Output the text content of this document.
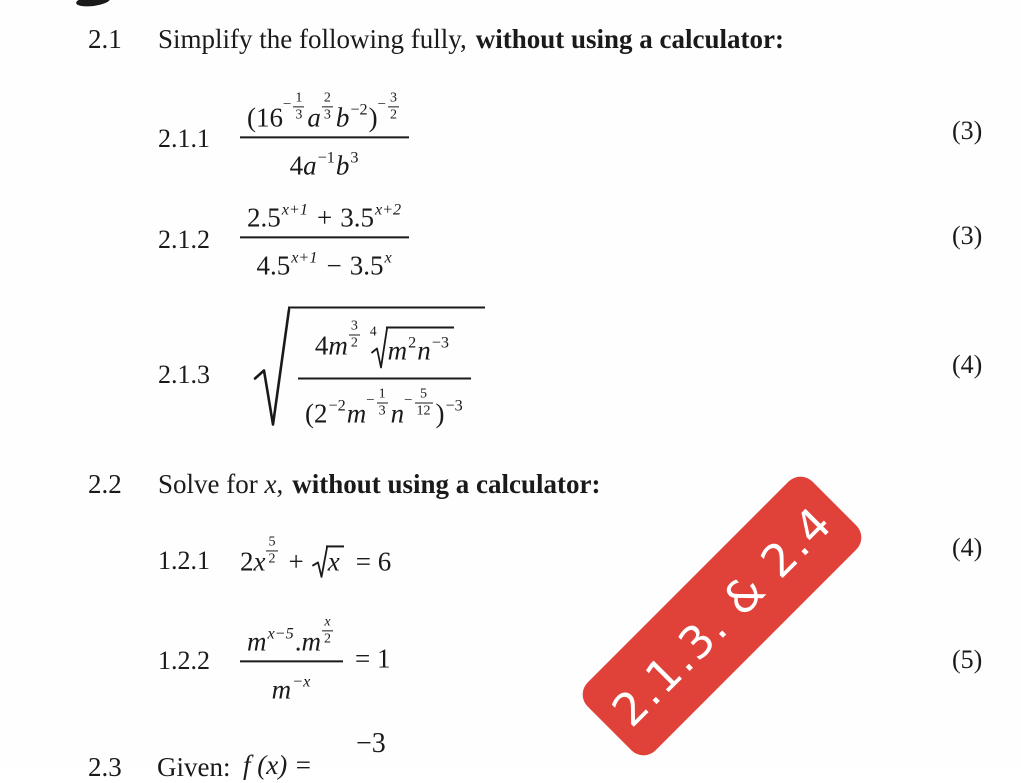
2.1	Simplify the following fully, without using a calculator:
$2.1.1 \frac{(16^- \frac{1}{3} a \frac{2}{3} b^{-2})^- \frac{3}{2}}{4a^{-1}b^3}$	(3)
$2.1.2 \frac{2.5^{x+1} + 3.5^{x+2}}{4.5^{x+1} - 3.5^x}$	(3)
2.1.3	$4m \frac{3}{2} 4$
$m^2n^{-3}$
$(2^{-2}m^- \frac{1}{3} n^- \frac{5}{12} )^{-3}$	(4)
2.2	Solve for x, without using a calculator:
1.2.1 $2x \frac{5}{2} + x = 6$	(4)
$1.2.2 \frac{m^{x-5}.m \frac{x}{2}}{m^{-x}} = 1$	(5)
2.3 Given: f (x) =
−3
2.1.3. & 2.4
